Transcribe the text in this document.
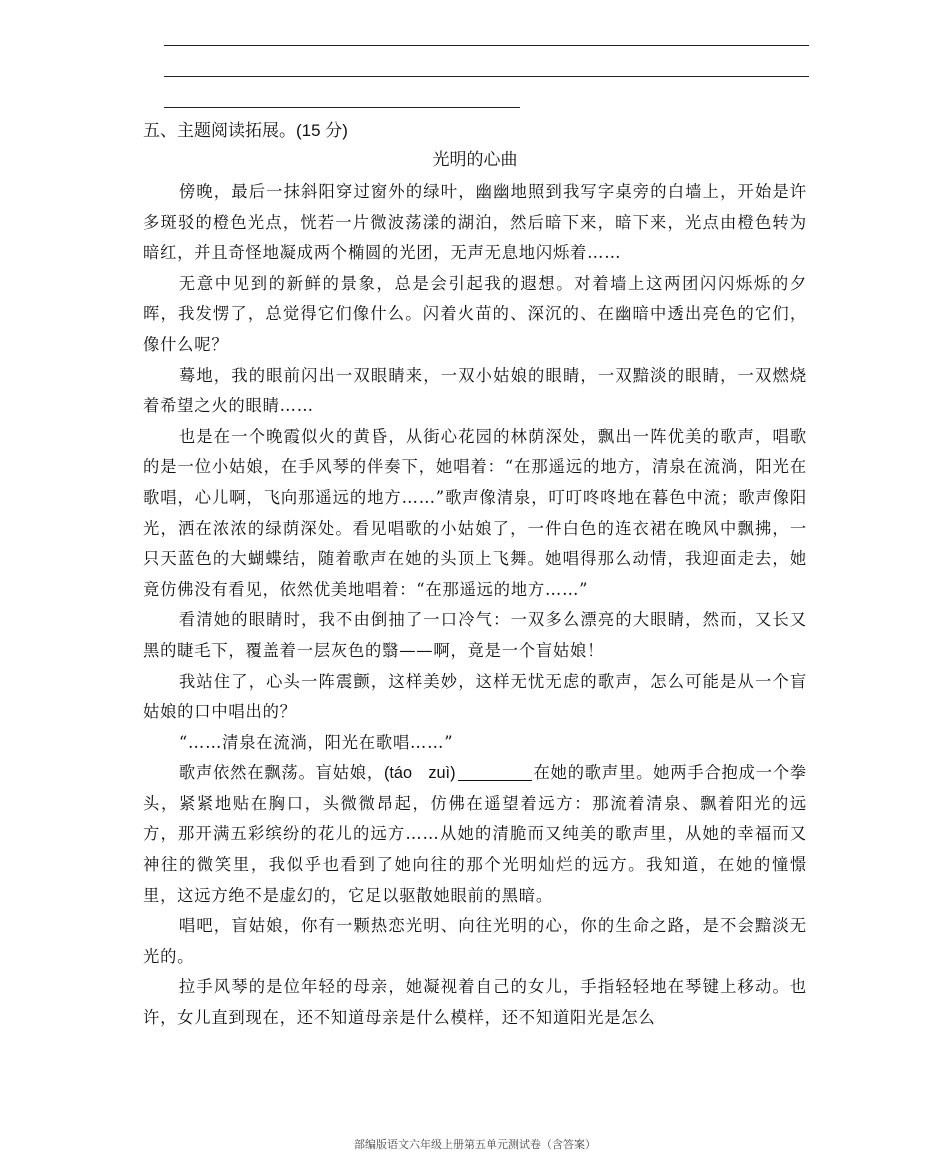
五、主题阅读拓展。(15 分)
光明的心曲

傍晚，最后一抹斜阳穿过窗外的绿叶，幽幽地照到我写字桌旁的白墙上，开始是许多斑驳的橙色光点，恍若一片微波荡漾的湖泊，然后暗下来，暗下来，光点由橙色转为暗红，并且奇怪地凝成两个椭圆的光团，无声无息地闪烁着……

无意中见到的新鲜的景象，总是会引起我的遐想。对着墙上这两团闪闪烁烁的夕晖，我发愣了，总觉得它们像什么。闪着火苗的、深沉的、在幽暗中透出亮色的它们，像什么呢？

蓦地，我的眼前闪出一双眼睛来，一双小姑娘的眼睛，一双黯淡的眼睛，一双燃烧着希望之火的眼睛……

也是在一个晚霞似火的黄昏，从街心花园的林荫深处，飘出一阵优美的歌声，唱歌的是一位小姑娘，在手风琴的伴奏下，她唱着：“在那遥远的地方，清泉在流淌，阳光在歌唱，心儿啊，飞向那遥远的地方……”歌声像清泉，叮叮咚咚地在暮色中流；歌声像阳光，洒在浓浓的绿荫深处。看见唱歌的小姑娘了，一件白色的连衣裙在晚风中飘拂，一只天蓝色的大蝴蝶结，随着歌声在她的头顶上飞舞。她唱得那么动情，我迎面走去，她竟仿佛没有看见，依然优美地唱着：“在那遥远的地方……”

看清她的眼睛时，我不由倒抽了一口冷气：一双多么漂亮的大眼睛，然而，又长又黑的睫毛下，覆盖着一层灰色的翳——啊，竟是一个盲姑娘！

我站住了，心头一阵震颤，这样美妙，这样无忧无虑的歌声，怎么可能是从一个盲姑娘的口中唱出的？

“……清泉在流淌，阳光在歌唱……”

歌声依然在飘荡。盲姑娘，(táo　zuì)	在她的歌声里。她两手合抱成一个拳头，紧紧地贴在胸口，头微微昂起，仿佛在遥望着远方：那流着清泉、飘着阳光的远方，那开满五彩缤纷的花儿的远方……从她的清脆而又纯美的歌声里，从她的幸福而又神往的微笑里，我似乎也看到了她向往的那个光明灿烂的远方。我知道，在她的憧憬里，这远方绝不是虚幻的，它足以驱散她眼前的黑暗。

唱吧，盲姑娘，你有一颗热恋光明、向往光明的心，你的生命之路，是不会黯淡无光的。

拉手风琴的是位年轻的母亲，她凝视着自己的女儿，手指轻轻地在琴键上移动。也许，女儿直到现在，还不知道母亲是什么模样，还不知道阳光是怎么

部编版语文六年级上册第五单元测试卷（含答案）
